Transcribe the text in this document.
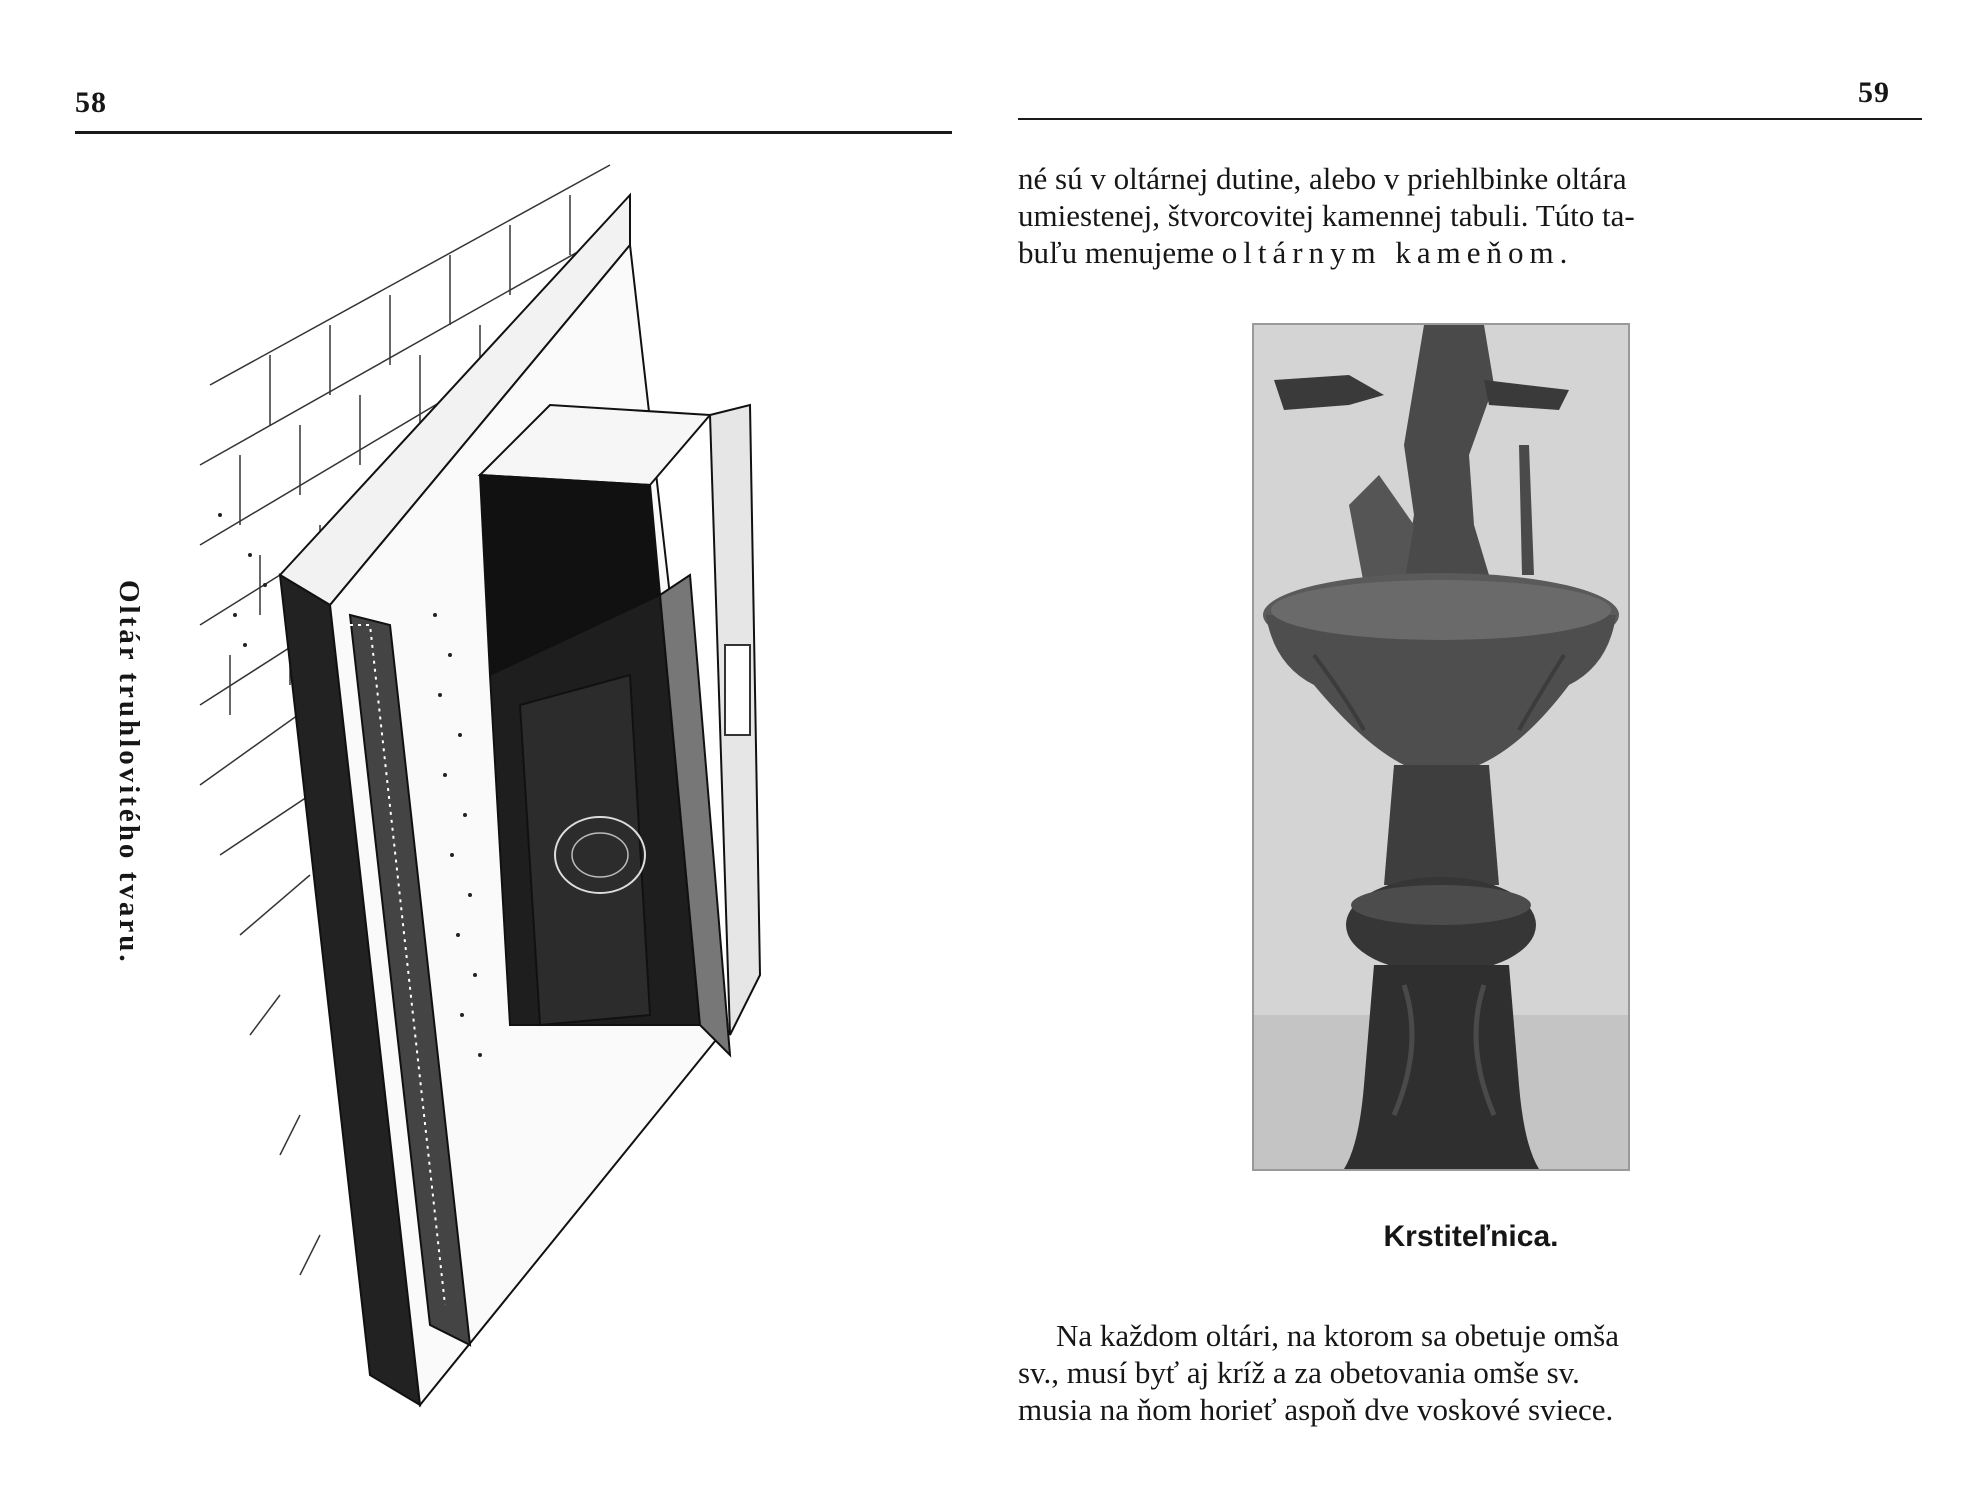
58
Oltár truhlovitého tvaru.
59
né sú v oltárnej dutine, alebo v priehlbinke oltára
umiestenej, štvorcovitej kamennej tabuli. Túto ta-
buľu menujeme oltárnym kameňom.
Krstiteľnica.
Na každom oltári, na ktorom sa obetuje omša
sv., musí byť aj kríž a za obetovania omše sv.
musia na ňom horieť aspoň dve voskové sviece.
